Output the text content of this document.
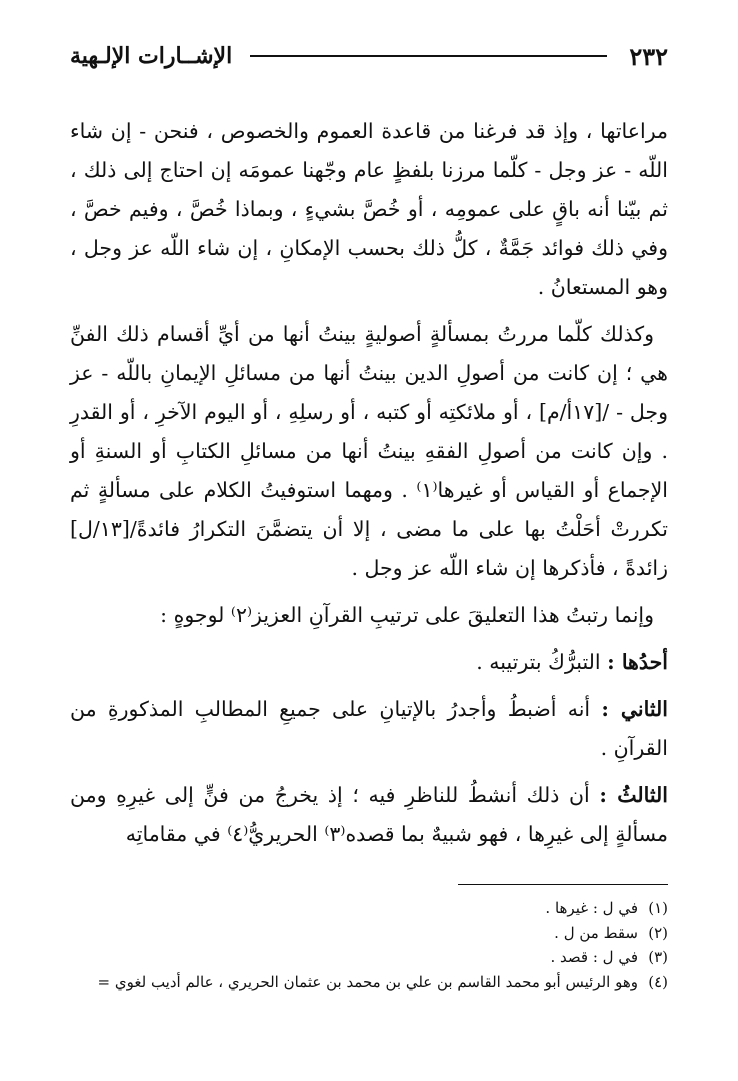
٢٣٢
الإشــارات الإلـهية

مراعاتها ، وإذ قد فرغنا من قاعدة العموم والخصوص ، فنحن - إن شاء اللّه - عز وجل - كلّما مرزنا بلفظٍ عام وجّهنا عمومَه إن احتاج إلى ذلك ، ثم بيّنا أنه باقٍ على عمومِه ، أو خُصَّ بشيءٍ ، وبماذا خُصَّ ، وفيم خصَّ ، وفي ذلك فوائد جَمَّةٌ ، كلُّ ذلك بحسب الإمكانِ ، إن شاء اللّه عز وجل ، وهو المستعانُ .

وكذلك كلّما مررتُ بمسألةٍ أصوليةٍ بينتُ أنها من أيِّ أقسام ذلك الفنِّ هي ؛ إن كانت من أصولِ الدين بينتُ أنها من مسائلِ الإيمانِ باللّه - عز وجل - /[١٧أ/م] ، أو ملائكتِه أو كتبه ، أو رسلِهِ ، أو اليوم الآخرِ ، أو القدرِ . وإن كانت من أصولِ الفقهِ بينتُ أنها من مسائلِ الكتابِ أو السنةِ أو الإجماع أو القياس أو غيرها⁽١⁾ . ومهما استوفيتُ الكلام على مسألةٍ ثم تكررتْ أحَلْتُ بها على ما مضى ، إلا أن يتضمَّنَ التكرارُ فائدةً/[١٣/ل] زائدةً ، فأذكرها إن شاء اللّه عز وجل .

وإنما رتبتُ هذا التعليقَ على ترتيبِ القرآنِ العزيز⁽٢⁾ لوجوهٍ :

أحدُها : التبرُّكُ بترتيبه .

الثاني : أنه أضبطُ وأجدرُ بالإتيانِ على جميعِ المطالبِ المذكورةِ من القرآنِ .

الثالثُ : أن ذلك أنشطُ للناظرِ فيه ؛ إذ يخرجُ من فنٍّ إلى غيرِهِ ومن مسألةٍ إلى غيرِها ، فهو شبيهٌ بما قصده⁽٣⁾ الحريريُّ⁽٤⁾ في مقاماتِه

(١)
في ل : غيرها .
(٢)
سقط من ل .
(٣)
في ل : قصد .
(٤)
وهو الرئيس أبو محمد القاسم بن علي بن محمد بن عثمان الحريري ، عالم أديب لغوي =
